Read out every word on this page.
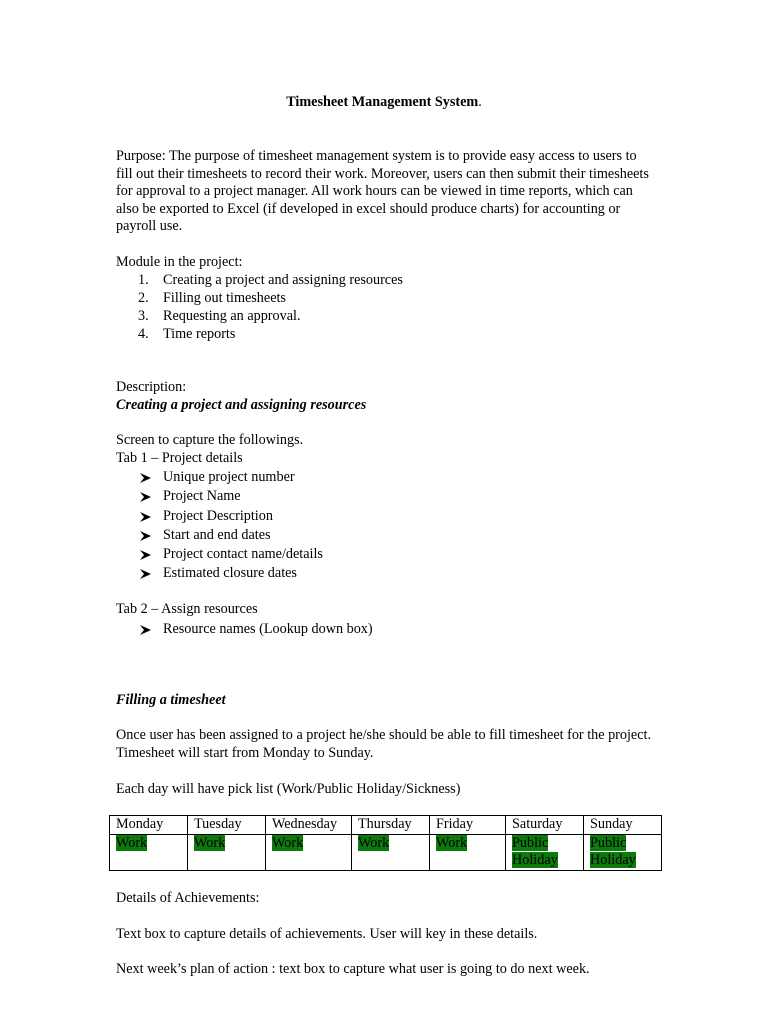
Timesheet Management System.

Purpose: The purpose of timesheet management system is to provide easy access to users to fill out their timesheets to record their work. Moreover, users can then submit their timesheets for approval to a project manager. All work hours can be viewed in time reports, which can also be exported to Excel (if developed in excel should produce charts) for accounting or payroll use.

Module in the project:
1.	Creating a project and assigning resources
2.	Filling out timesheets
3.	Requesting an approval.
4.	Time reports
Description:
Creating a project and assigning resources
Screen to capture the followings.
Tab 1 – Project details
Unique project number
Project Name
Project Description
Start and end dates
Project contact name/details
Estimated closure dates
Tab 2 – Assign resources
Resource names (Lookup down box)
Filling a timesheet

Once user has been assigned to a project he/she should be able to fill timesheet for the project. Timesheet will start from Monday to Sunday.

Each day will have pick list (Work/Public Holiday/Sickness)
Monday	Tuesday	Wednesday	Thursday	Friday	Saturday	Sunday
Work	Work	Work	Work	Work	Public Holiday	Public Holiday
Details of Achievements:
Text box to capture details of achievements. User will key in these details.
Next week’s plan of action : text box to capture what user is going to do next week.
